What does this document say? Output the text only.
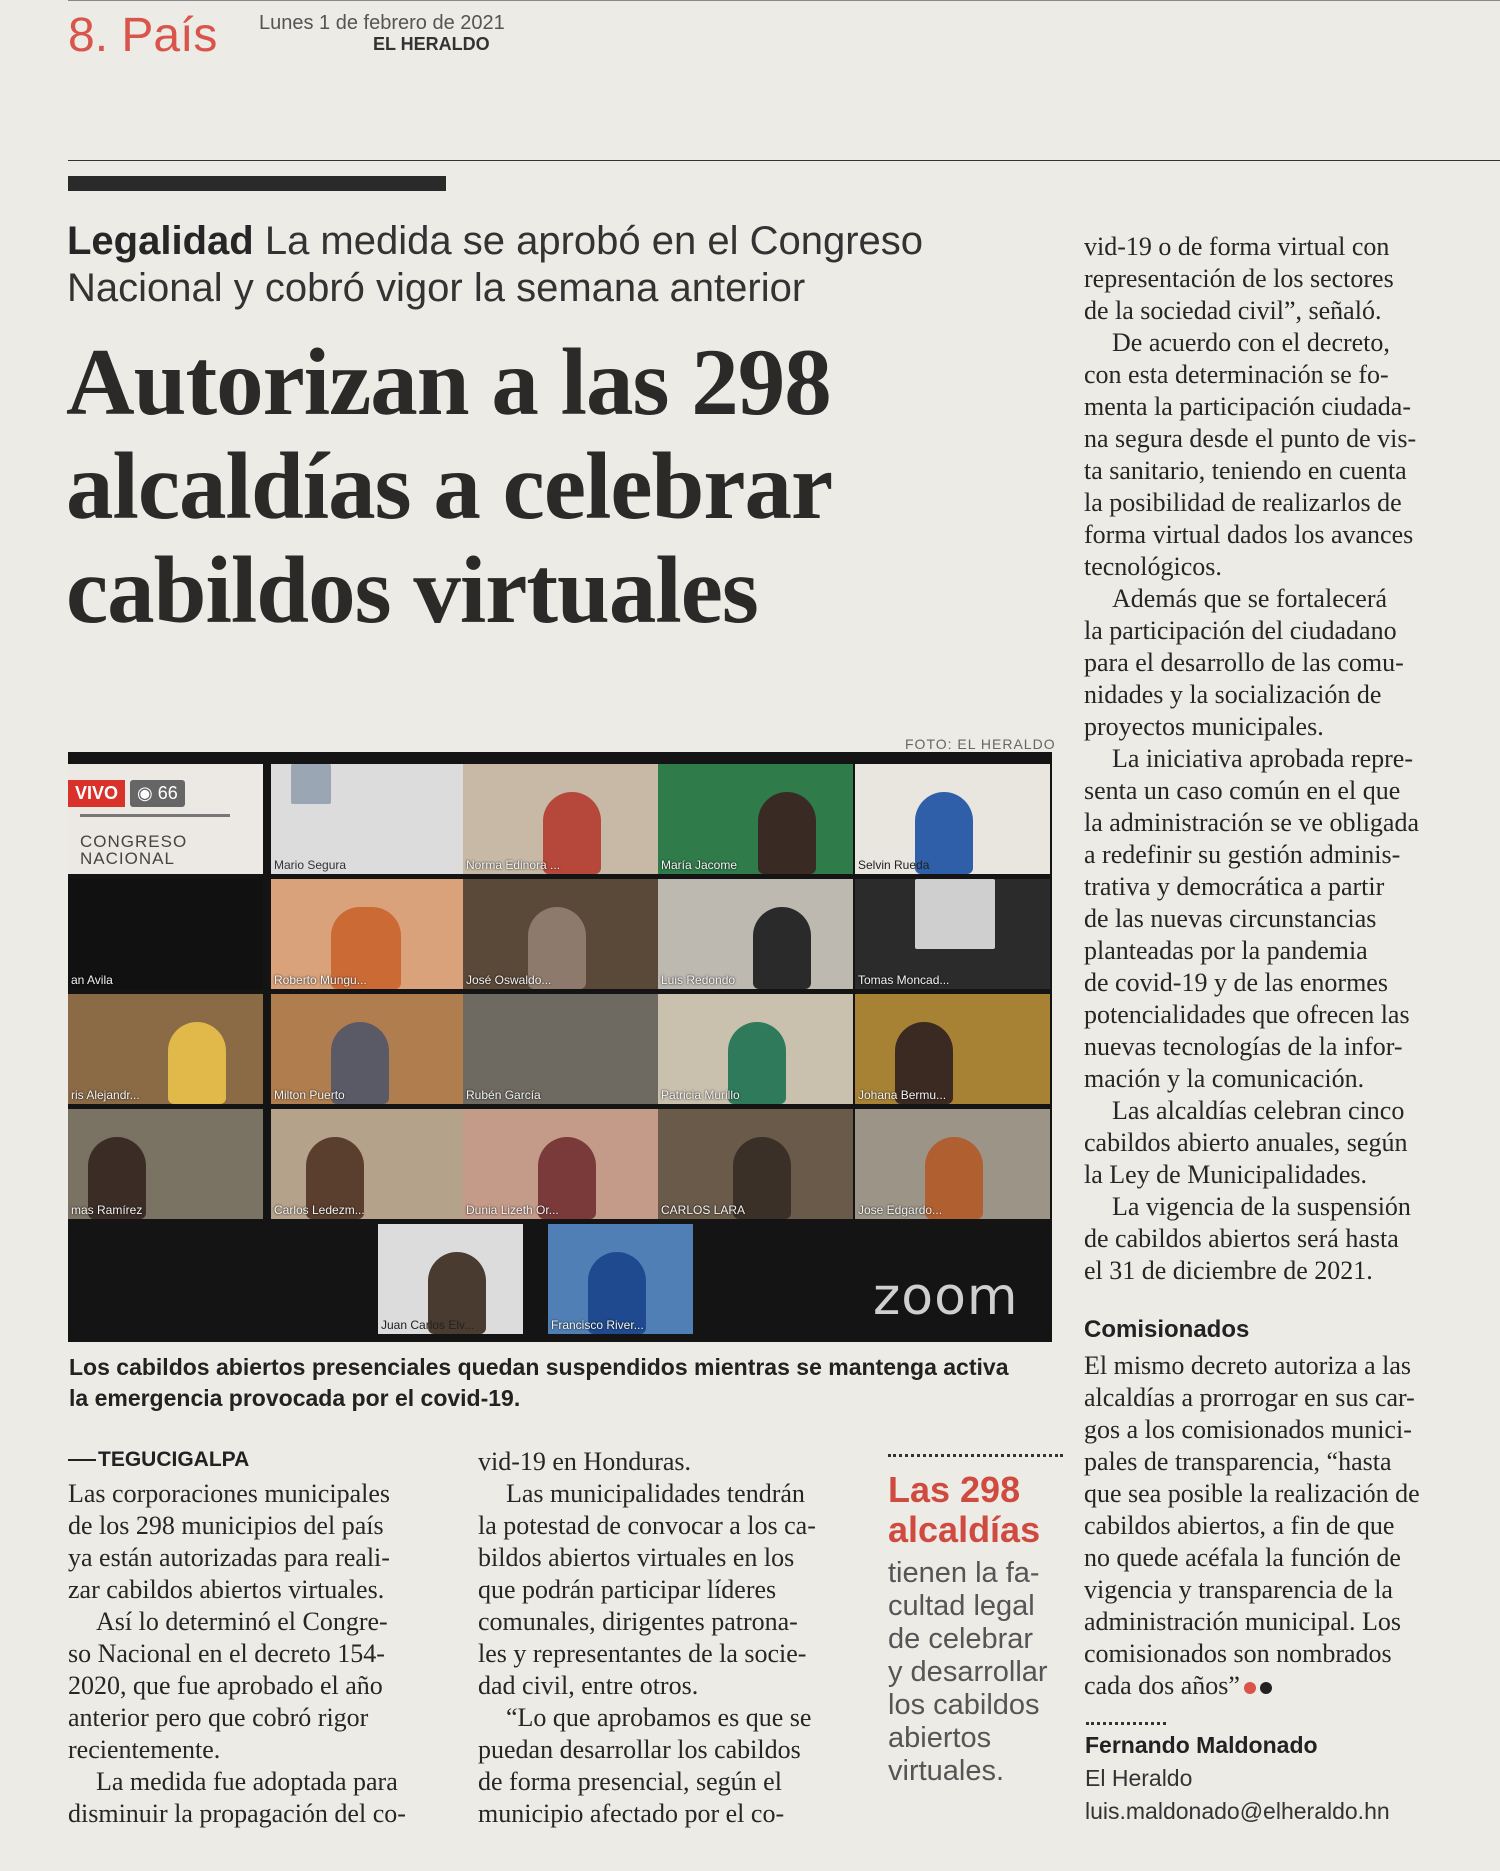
8. País Lunes 1 de febrero de 2021
EL HERALDO
Legalidad La medida se aprobó en el Congreso
Nacional y cobró vigor la semana anterior
Autorizan a las 298
alcaldías a celebrar
cabildos virtuales
FOTO: EL HERALDO
VIVO	◉ 66
CONGRESO
NACIONAL	Mario Segura	Norma Edinora ...	María Jacome	Selvin Rueda
an Avila	Roberto Mungu...	José Oswaldo...	Luis Redondo	Tomas Moncad...
ris Alejandr...	Milton Puerto	Rubén García	Patricia Murillo	Johana Bermu...
mas Ramírez	Carlos Ledezm...	Dunia Lizeth Or...	CARLOS LARA	Jose Edgardo...
Juan Carlos Elv...	Francisco River...	zoom
Los cabildos abiertos presenciales quedan suspendidos mientras se mantenga activa
la emergencia provocada por el covid-19.
TEGUCIGALPA
Las corporaciones municipales
de los 298 municipios del país
ya están autorizadas para reali-
zar cabildos abiertos virtuales.
Así lo determinó el Congre-
so Nacional en el decreto 154-
2020, que fue aprobado el año
anterior pero que cobró rigor
recientemente.
La medida fue adoptada para
disminuir la propagación del co-
vid-19 en Honduras.
Las municipalidades tendrán
la potestad de convocar a los ca-
bildos abiertos virtuales en los
que podrán participar líderes
comunales, dirigentes patrona-
les y representantes de la socie-
dad civil, entre otros.
“Lo que aprobamos es que se
puedan desarrollar los cabildos
de forma presencial, según el
municipio afectado por el co-
vid-19 o de forma virtual con
representación de los sectores
de la sociedad civil”, señaló.
De acuerdo con el decreto,
con esta determinación se fo-
menta la participación ciudada-
na segura desde el punto de vis-
ta sanitario, teniendo en cuenta
la posibilidad de realizarlos de
forma virtual dados los avances
tecnológicos.
Además que se fortalecerá
la participación del ciudadano
para el desarrollo de las comu-
nidades y la socialización de
proyectos municipales.
La iniciativa aprobada repre-
senta un caso común en el que
la administración se ve obligada
a redefinir su gestión adminis-
trativa y democrática a partir
de las nuevas circunstancias
planteadas por la pandemia
de covid-19 y de las enormes
potencialidades que ofrecen las
nuevas tecnologías de la infor-
mación y la comunicación.
Las alcaldías celebran cinco
cabildos abierto anuales, según
la Ley de Municipalidades.
La vigencia de la suspensión
de cabildos abiertos será hasta
el 31 de diciembre de 2021.
Comisionados
El mismo decreto autoriza a las
alcaldías a prorrogar en sus car-
gos a los comisionados munici-
pales de transparencia, “hasta
que sea posible la realización de
cabildos abiertos, a fin de que
no quede acéfala la función de
vigencia y transparencia de la
administración municipal. Los
comisionados son nombrados
cada dos años”
Las 298
alcaldías
tienen la fa-
cultad legal
de celebrar
y desarrollar
los cabildos
abiertos
virtuales.
Fernando Maldonado
El Heraldo
luis.maldonado@elheraldo.hn
